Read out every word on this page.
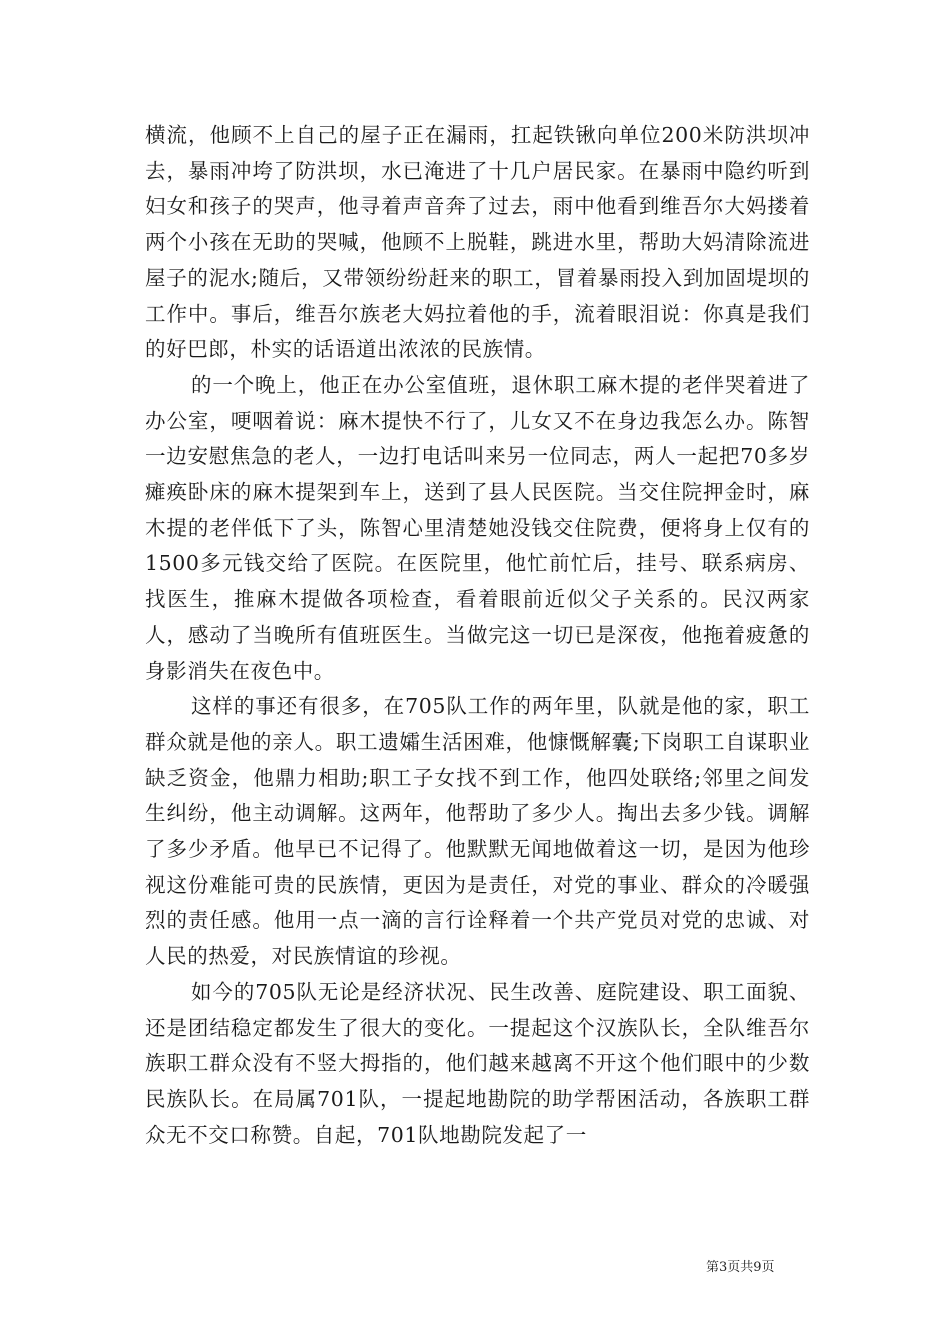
横流，他顾不上自己的屋子正在漏雨，扛起铁锹向单位200米防洪坝冲去，暴雨冲垮了防洪坝，水已淹进了十几户居民家。在暴雨中隐约听到妇女和孩子的哭声，他寻着声音奔了过去，雨中他看到维吾尔大妈搂着两个小孩在无助的哭喊，他顾不上脱鞋，跳进水里，帮助大妈清除流进屋子的泥水;随后，又带领纷纷赶来的职工，冒着暴雨投入到加固堤坝的工作中。事后，维吾尔族老大妈拉着他的手，流着眼泪说：你真是我们的好巴郎，朴实的话语道出浓浓的民族情。

的一个晚上，他正在办公室值班，退休职工麻木提的老伴哭着进了办公室，哽咽着说：麻木提快不行了，儿女又不在身边我怎么办。陈智一边安慰焦急的老人，一边打电话叫来另一位同志，两人一起把70多岁瘫痪卧床的麻木提架到车上，送到了县人民医院。当交住院押金时，麻木提的老伴低下了头，陈智心里清楚她没钱交住院费，便将身上仅有的1500多元钱交给了医院。在医院里，他忙前忙后，挂号、联系病房、找医生，推麻木提做各项检查，看着眼前近似父子关系的。民汉两家人，感动了当晚所有值班医生。当做完这一切已是深夜，他拖着疲惫的身影消失在夜色中。

这样的事还有很多，在705队工作的两年里，队就是他的家，职工群众就是他的亲人。职工遗孀生活困难，他慷慨解囊;下岗职工自谋职业缺乏资金，他鼎力相助;职工子女找不到工作，他四处联络;邻里之间发生纠纷，他主动调解。这两年，他帮助了多少人。掏出去多少钱。调解了多少矛盾。他早已不记得了。他默默无闻地做着这一切，是因为他珍视这份难能可贵的民族情，更因为是责任，对党的事业、群众的冷暖强烈的责任感。他用一点一滴的言行诠释着一个共产党员对党的忠诚、对人民的热爱，对民族情谊的珍视。

如今的705队无论是经济状况、民生改善、庭院建设、职工面貌、还是团结稳定都发生了很大的变化。一提起这个汉族队长，全队维吾尔族职工群众没有不竖大拇指的，他们越来越离不开这个他们眼中的少数民族队长。在局属701队，一提起地勘院的助学帮困活动，各族职工群众无不交口称赞。自起，701队地勘院发起了一

第3页共9页
